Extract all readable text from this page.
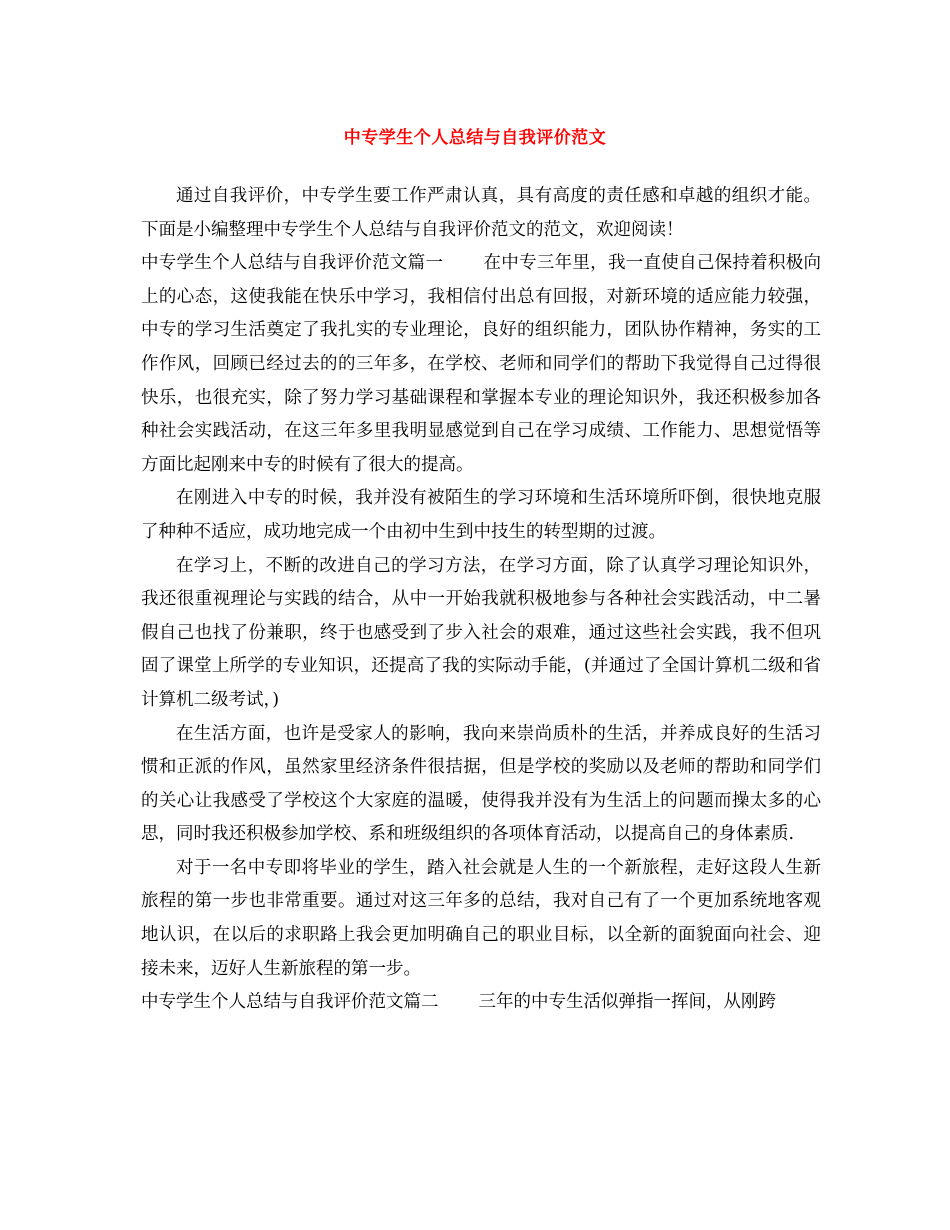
中专学生个人总结与自我评价范文

通过自我评价，中专学生要工作严肃认真，具有高度的责任感和卓越的组织才能。下面是小编整理中专学生个人总结与自我评价范文的范文，欢迎阅读！

中专学生个人总结与自我评价范文篇一 在中专三年里，我一直使自己保持着积极向上的心态，这使我能在快乐中学习，我相信付出总有回报，对新环境的适应能力较强，中专的学习生活奠定了我扎实的专业理论，良好的组织能力，团队协作精神，务实的工作作风，回顾已经过去的的三年多，在学校、老师和同学们的帮助下我觉得自己过得很快乐，也很充实，除了努力学习基础课程和掌握本专业的理论知识外，我还积极参加各种社会实践活动，在这三年多里我明显感觉到自己在学习成绩、工作能力、思想觉悟等方面比起刚来中专的时候有了很大的提高。

在刚进入中专的时候，我并没有被陌生的学习环境和生活环境所吓倒，很快地克服了种种不适应，成功地完成一个由初中生到中技生的转型期的过渡。

在学习上，不断的改进自己的学习方法，在学习方面，除了认真学习理论知识外，我还很重视理论与实践的结合，从中一开始我就积极地参与各种社会实践活动，中二暑假自己也找了份兼职，终于也感受到了步入社会的艰难，通过这些社会实践，我不但巩固了课堂上所学的专业知识，还提高了我的实际动手能，(并通过了全国计算机二级和省计算机二级考试，)

在生活方面，也许是受家人的影响，我向来崇尚质朴的生活，并养成良好的生活习惯和正派的作风，虽然家里经济条件很拮据，但是学校的奖励以及老师的帮助和同学们的关心让我感受了学校这个大家庭的温暖，使得我并没有为生活上的问题而操太多的心思，同时我还积极参加学校、系和班级组织的各项体育活动，以提高自己的身体素质.

对于一名中专即将毕业的学生，踏入社会就是人生的一个新旅程，走好这段人生新旅程的第一步也非常重要。通过对这三年多的总结，我对自己有了一个更加系统地客观地认识，在以后的求职路上我会更加明确自己的职业目标，以全新的面貌面向社会、迎接未来，迈好人生新旅程的第一步。

中专学生个人总结与自我评价范文篇二 三年的中专生活似弹指一挥间，从刚跨
